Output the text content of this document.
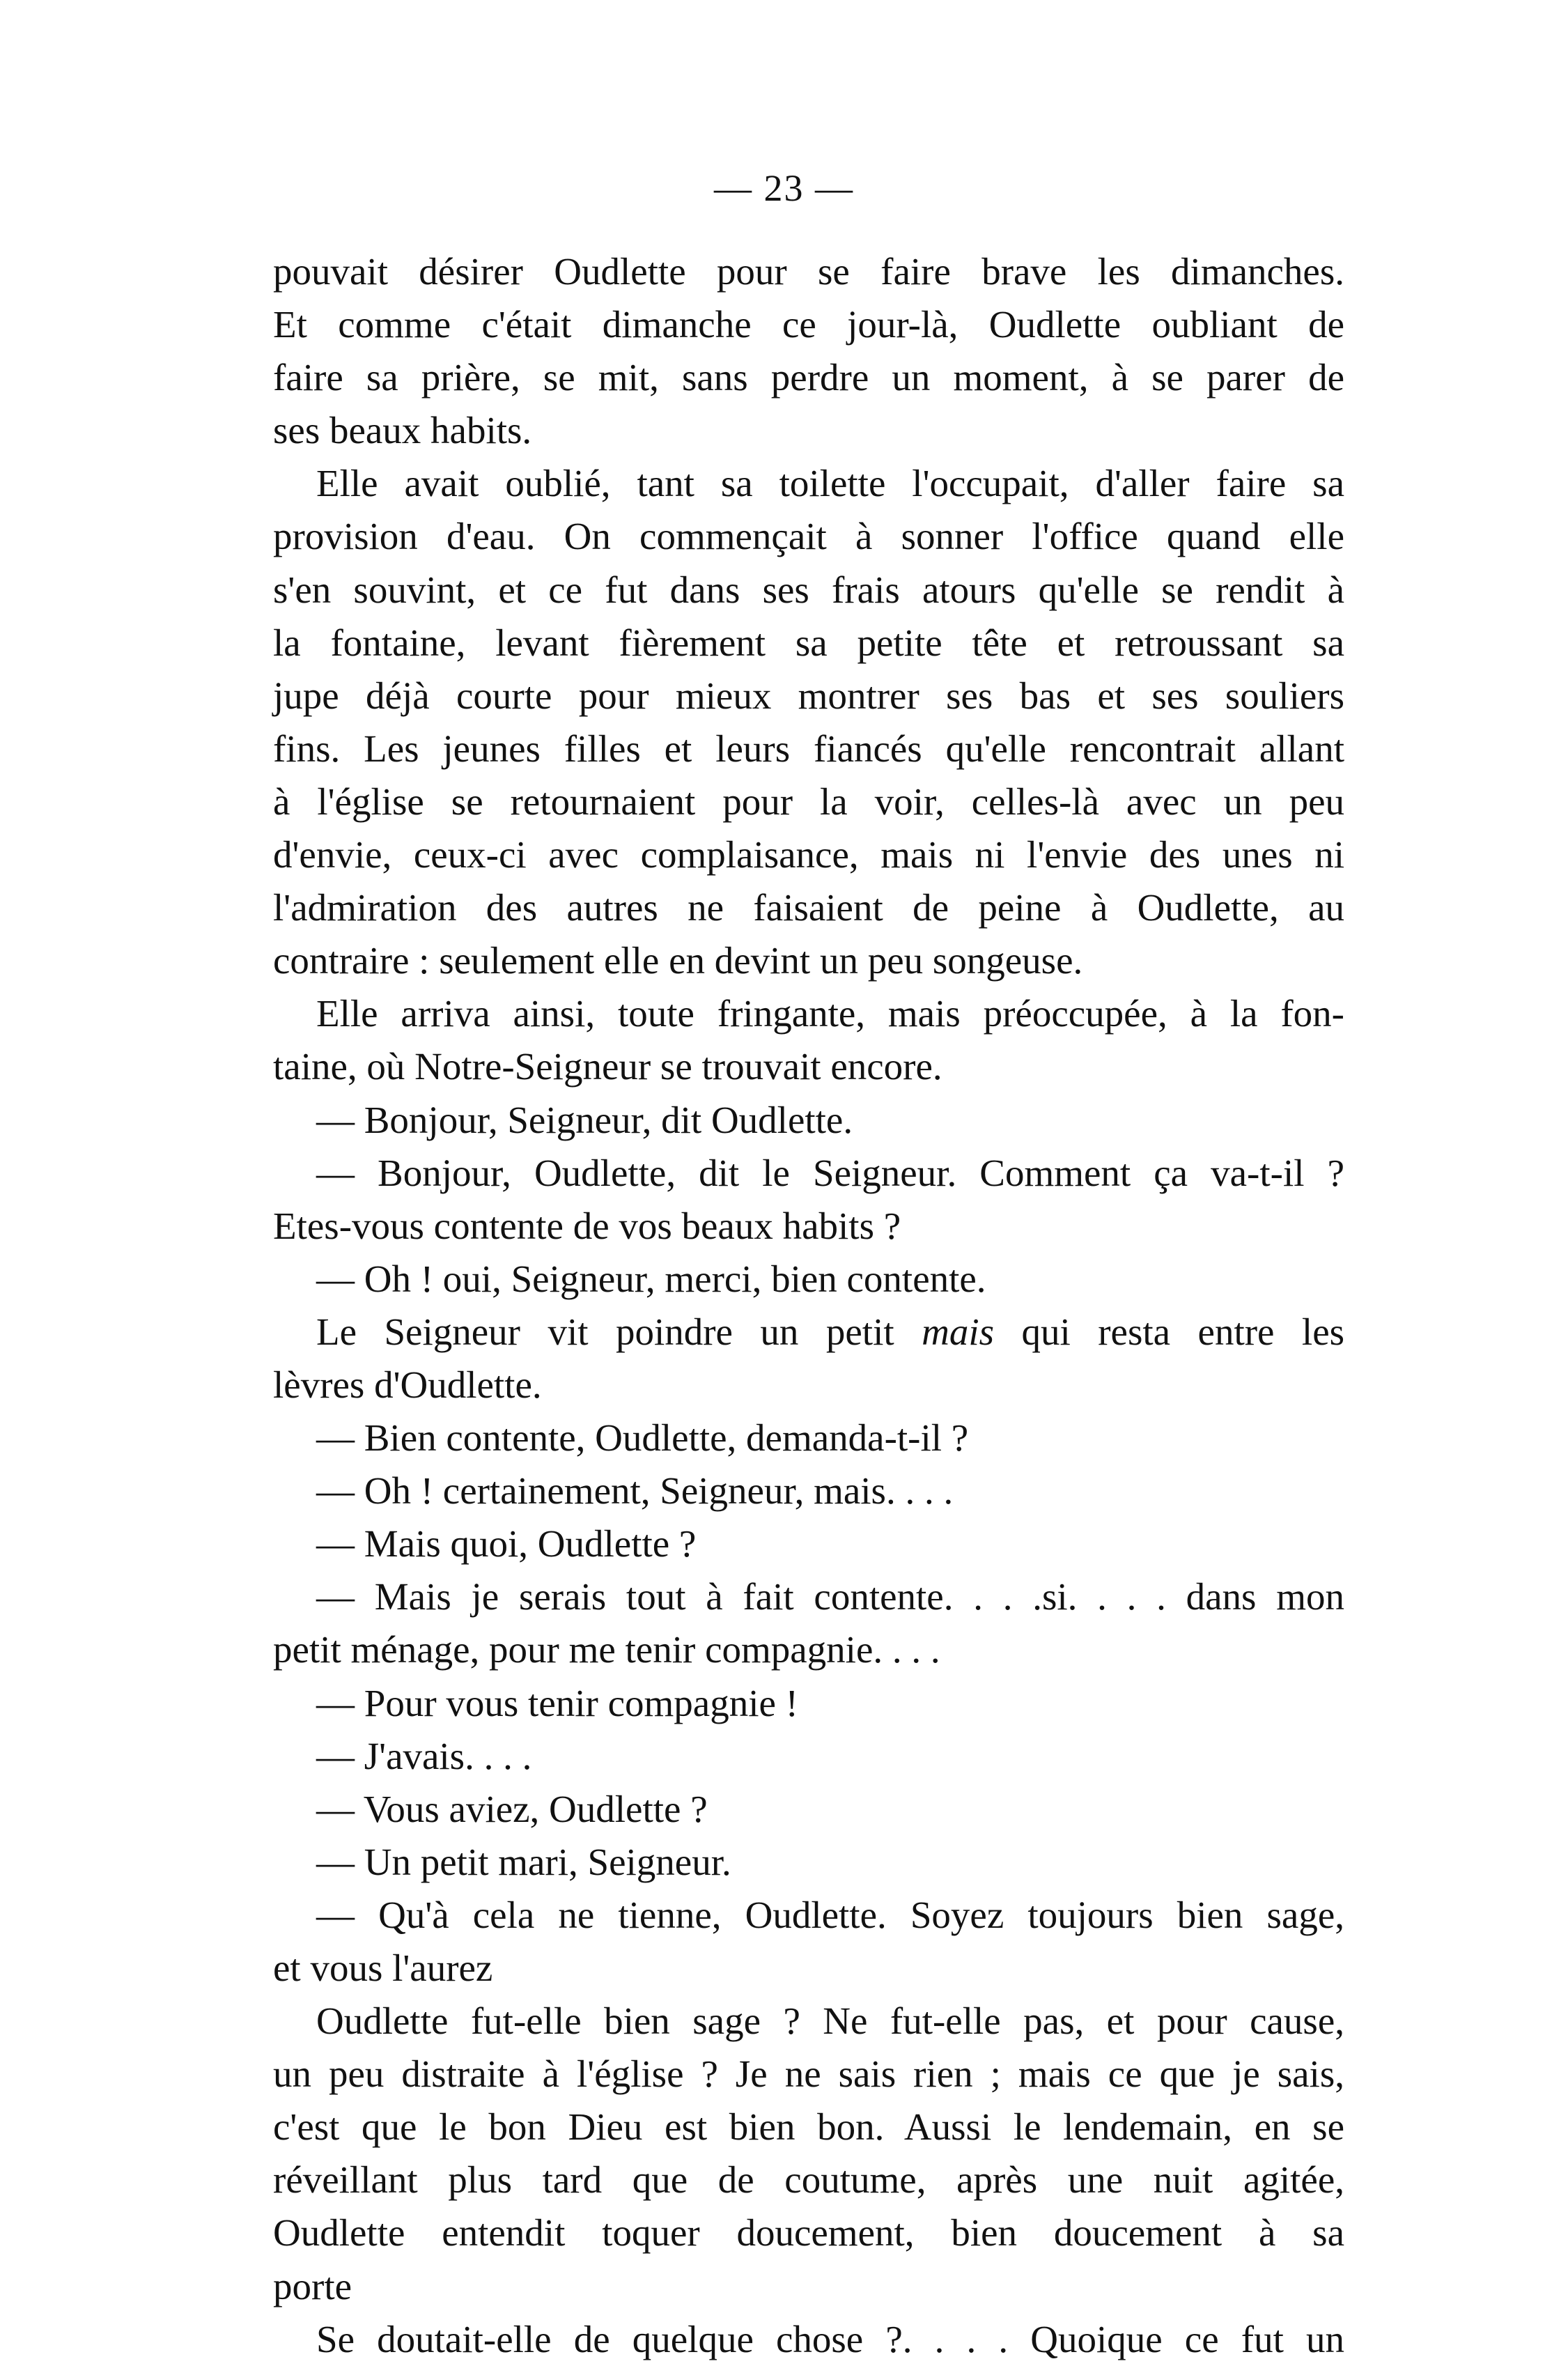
— 23 —
pouvait désirer Oudlette pour se faire brave les dimanches.
Et comme c'était dimanche ce jour-là, Oudlette oubliant de
faire sa prière, se mit, sans perdre un moment, à se parer de
ses beaux habits.
Elle avait oublié, tant sa toilette l'occupait, d'aller faire sa
provision d'eau. On commençait à sonner l'office quand elle
s'en souvint, et ce fut dans ses frais atours qu'elle se rendit à
la fontaine, levant fièrement sa petite tête et retroussant sa
jupe déjà courte pour mieux montrer ses bas et ses souliers
fins. Les jeunes filles et leurs fiancés qu'elle rencontrait allant
à l'église se retournaient pour la voir, celles-là avec un peu
d'envie, ceux-ci avec complaisance, mais ni l'envie des unes ni
l'admiration des autres ne faisaient de peine à Oudlette, au
contraire : seulement elle en devint un peu songeuse.
Elle arriva ainsi, toute fringante, mais préoccupée, à la fon-
taine, où Notre-Seigneur se trouvait encore.
— Bonjour, Seigneur, dit Oudlette.
— Bonjour, Oudlette, dit le Seigneur. Comment ça va-t-il ?
Etes-vous contente de vos beaux habits ?
— Oh ! oui, Seigneur, merci, bien contente.
Le Seigneur vit poindre un petit mais qui resta entre les
lèvres d'Oudlette.
— Bien contente, Oudlette, demanda-t-il ?
— Oh ! certainement, Seigneur, mais. . . .
— Mais quoi, Oudlette ?
— Mais je serais tout à fait contente. . . .si. . . . dans mon
petit ménage, pour me tenir compagnie. . . .
— Pour vous tenir compagnie !
— J'avais. . . .
— Vous aviez, Oudlette ?
— Un petit mari, Seigneur.
— Qu'à cela ne tienne, Oudlette. Soyez toujours bien sage,
et vous l'aurez
Oudlette fut-elle bien sage ? Ne fut-elle pas, et pour cause,
un peu distraite à l'église ? Je ne sais rien ; mais ce que je sais,
c'est que le bon Dieu est bien bon. Aussi le lendemain, en se
réveillant plus tard que de coutume, après une nuit agitée,
Oudlette entendit toquer doucement, bien doucement à sa
porte
Se doutait-elle de quelque chose ?. . . . Quoique ce fut un
